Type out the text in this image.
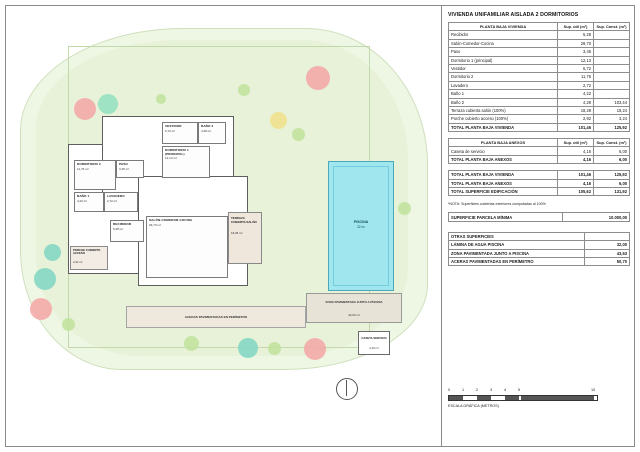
PISCINA
32 m²
ZONA PAVIMENTADA JUNTO A PISCINA
43,63 m²
ACERAS PAVIMENTADAS EN PERÍMETRO
CASETA SERVICIO
4,16 m²
VESTIDOR
6,72 m²
BAÑO 2
4,28 m²
DORMITORIO 2
11,76 m²
PASO
3,45 m²
DORMITORIO 1 (PRINCIPAL)
12,13 m²
BAÑO 1
4,22 m²
LAVADERO
2,72 m²
RECIBIDOR
5,28 m²
SALÓN-COMEDOR-COCINA
29,70 m²
PORCHE CUBIERTO ACCESO
2,92 m²
TERRAZA CUBIERTA SALÓN
18,28 m²
VIVIENDA UNIFAMILIAR AISLADA 2 DORMITORIOS
PLANTA BAJA VIVIENDA	Sup. útil (m²)	Sup. Const. (m²)
Recibidor	5,28	
Salón-Comedor-Cocina	29,70	
Paso	3,45	
Dormitorio 1 (principal)	12,13	
Vestidor	6,72	
Dormitorio 2	11,76	
Lavadero	2,72	
Baño 1	4,22	
Baño 2	4,28	103,44
Terraza cubierta salón (100%)	18,28	19,24
Porche cubierto acceso (100%)	2,92	3,24
TOTAL PLANTA BAJA VIVIENDA	101,46	125,92
PLANTA BAJA ANEXOS	Sup. útil (m²)	Sup. Const. (m²)
Caseta de servicio	4,16	6,00
TOTAL PLANTA BAJA ANEXOS	4,16	6,00
TOTAL PLANTA BAJA VIVIENDA	101,46	125,92
TOTAL PLANTA BAJA ANEXOS	4,16	6,00
TOTAL SUPERFICIE EDIFICACIÓN	105,62	131,92
*NOTA: Superficies cubiertas exteriores computadas al 100%
SUPERFICIE PARCELA MÍNIMA	10.000,00
OTRAS SUPERFICIES	
LÁMINA DE AGUA PISCINA	32,00
ZONA PAVIMENTADA JUNTO A PISCINA	43,63
ACERAS PAVIMENTADAS EN PERÍMETRO	50,70
0	1	2	3	4	5	10
ESCALA GRÁFICA (METROS)
